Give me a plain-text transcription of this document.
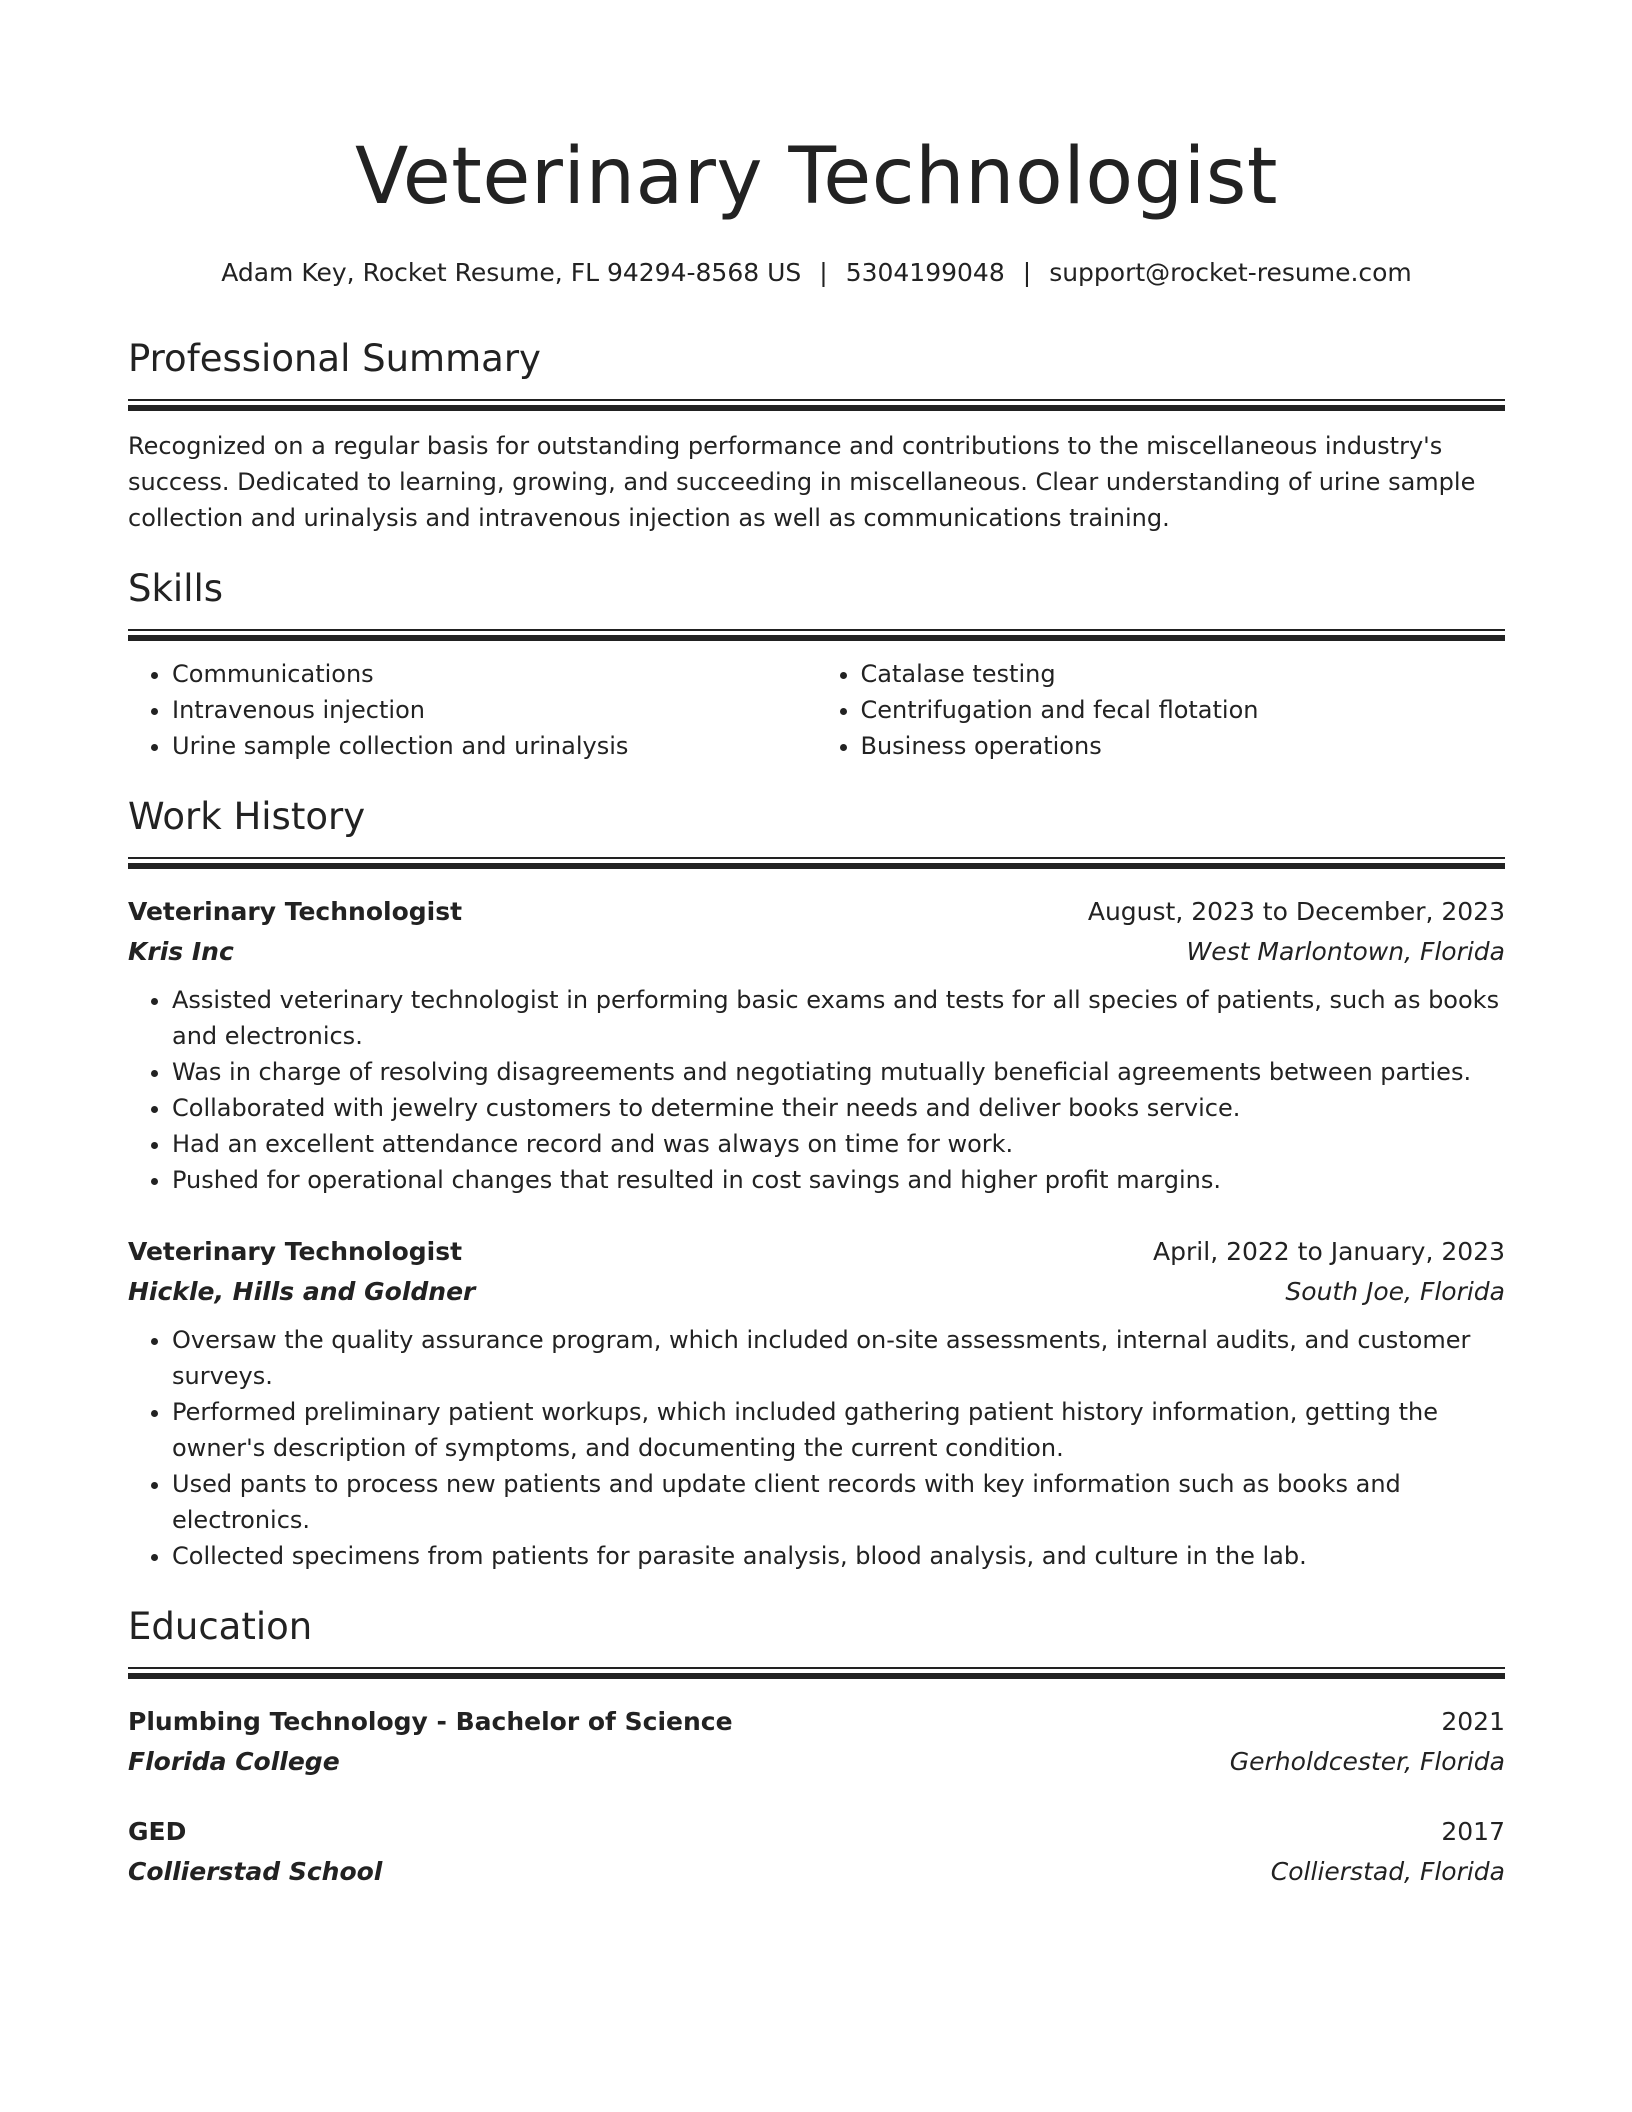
Veterinary Technologist
Adam Key, Rocket Resume, FL 94294-8568 US | 5304199048 | support@rocket-resume.com
Professional Summary

Recognized on a regular basis for outstanding performance and contributions to the miscellaneous industry's success. Dedicated to learning, growing, and succeeding in miscellaneous. Clear understanding of urine sample collection and urinalysis and intravenous injection as well as communications training.

Skills
• Communications
• Intravenous injection
• Urine sample collection and urinalysis
• Catalase testing
• Centrifugation and fecal flotation
• Business operations
Work History
Veterinary Technologist	August, 2023 to December, 2023
Kris Inc	West Marlontown, Florida
• Assisted veterinary technologist in performing basic exams and tests for all species of patients, such as books and electronics.
• Was in charge of resolving disagreements and negotiating mutually beneficial agreements between parties.
• Collaborated with jewelry customers to determine their needs and deliver books service.
• Had an excellent attendance record and was always on time for work.
• Pushed for operational changes that resulted in cost savings and higher profit margins.
Veterinary Technologist	April, 2022 to January, 2023
Hickle, Hills and Goldner	South Joe, Florida
• Oversaw the quality assurance program, which included on-site assessments, internal audits, and customer surveys.
• Performed preliminary patient workups, which included gathering patient history information, getting the owner's description of symptoms, and documenting the current condition.
• Used pants to process new patients and update client records with key information such as books and electronics.
• Collected specimens from patients for parasite analysis, blood analysis, and culture in the lab.
Education
Plumbing Technology - Bachelor of Science	2021
Florida College	Gerholdcester, Florida
GED	2017
Collierstad School	Collierstad, Florida
